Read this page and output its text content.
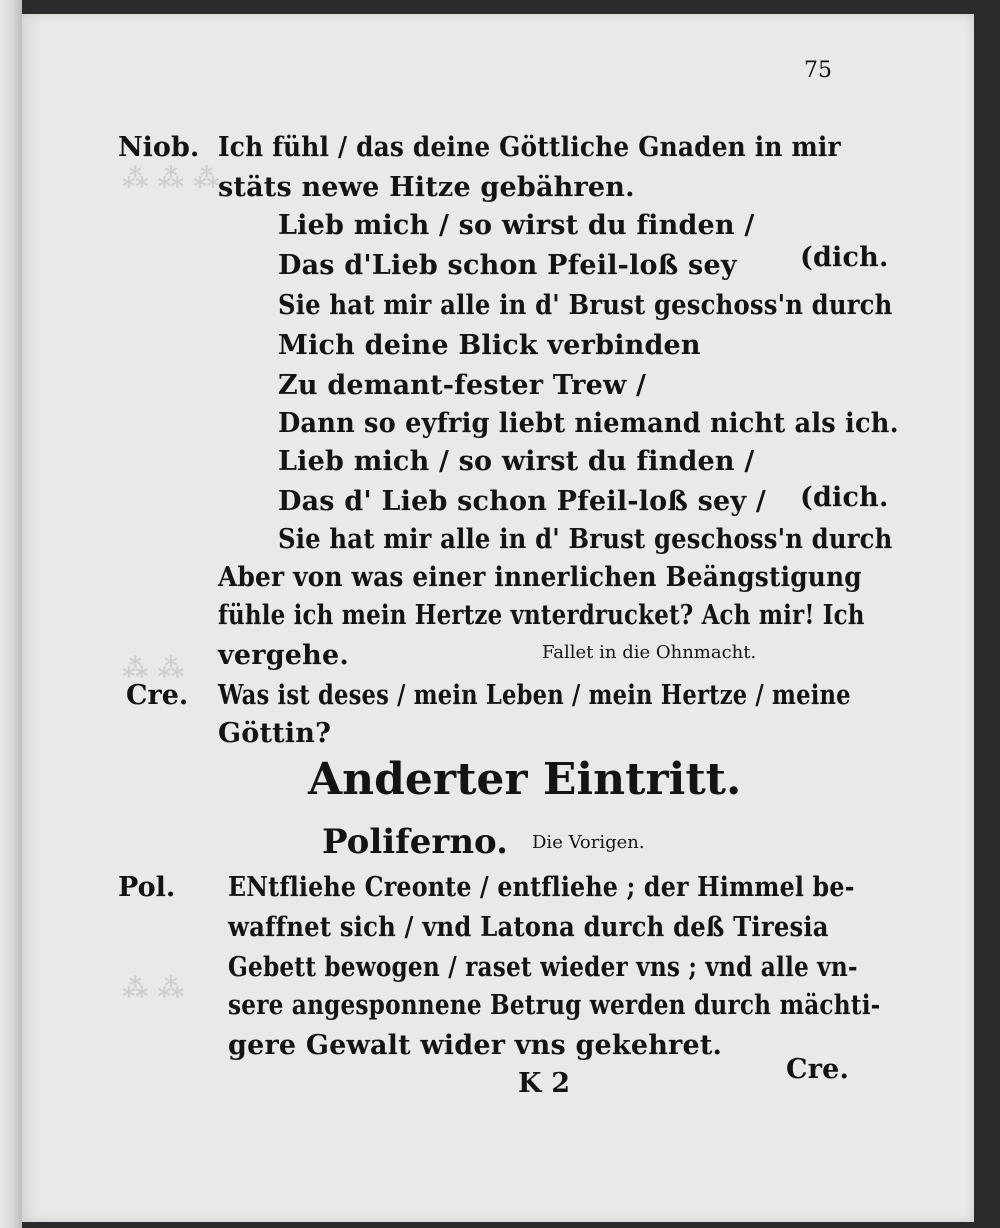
⁂ ⁂ ⁂
⁂ ⁂
⁂ ⁂
75
Niob. Ich fühl / das deine Göttliche Gnaden in mir
stäts newe Hitze gebähren.
Lieb mich / so wirst du finden /
Das d'Lieb schon Pfeil-loß sey (dich.
Sie hat mir alle in d' Brust geschoss'n durch
Mich deine Blick verbinden
Zu demant-fester Trew /
Dann so eyfrig liebt niemand nicht als ich.
Lieb mich / so wirst du finden /
Das d' Lieb schon Pfeil-loß sey / (dich.
Sie hat mir alle in d' Brust geschoss'n durch
Aber von was einer innerlichen Beängstigung
fühle ich mein Hertze vnterdrucket? Ach mir! Ich
vergehe.	Fallet in die Ohnmacht.
Cre. Was ist deses / mein Leben / mein Hertze / meine
Göttin?
Anderter Eintritt.
Poliferno. Die Vorigen.
Pol. ENtfliehe Creonte / entfliehe ; der Himmel be-
waffnet sich / vnd Latona durch deß Tiresia
Gebett bewogen / raset wieder vns ; vnd alle vn-
sere angesponnene Betrug werden durch mächti-
gere Gewalt wider vns gekehret.
K 2	Cre.
